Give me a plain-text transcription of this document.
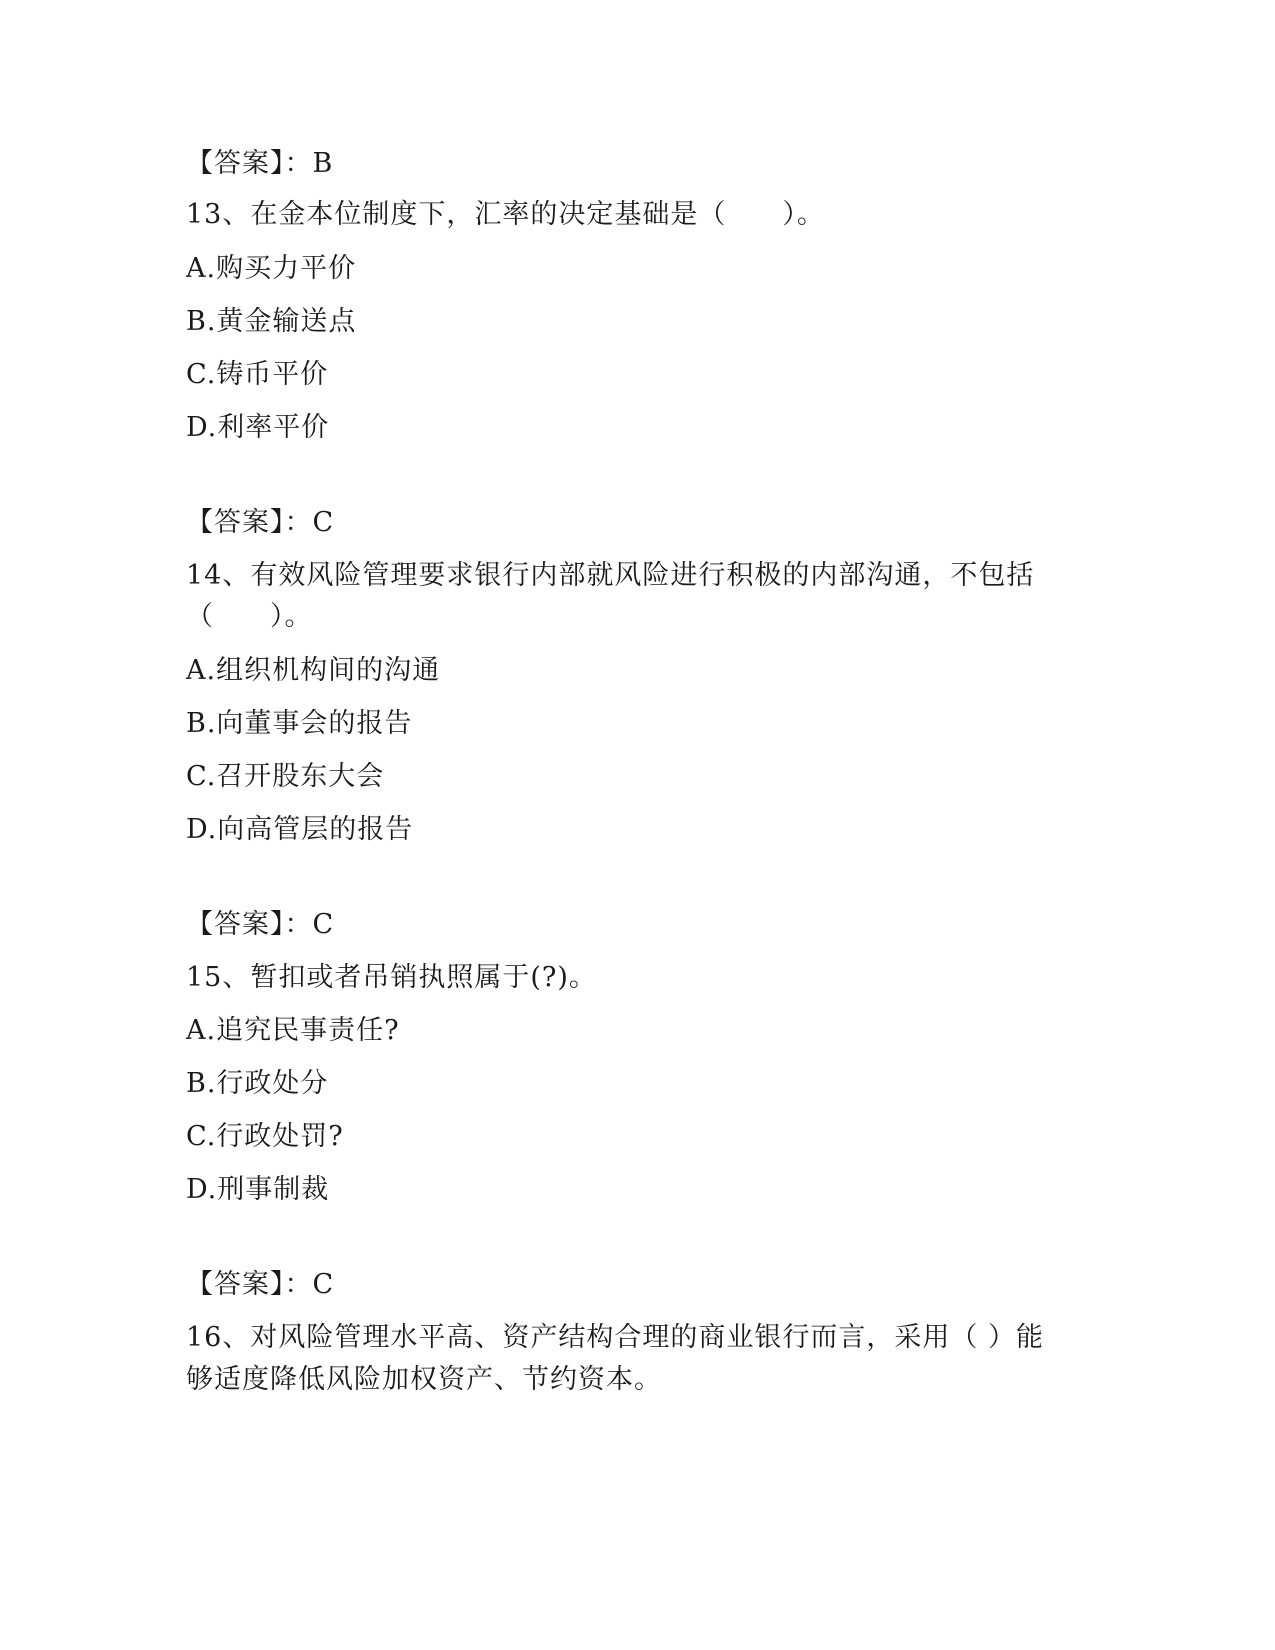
【答案】：B
13、在金本位制度下，汇率的决定基础是（　　）。
A.购买力平价
B.黄金输送点
C.铸币平价
D.利率平价
【答案】：C
14、有效风险管理要求银行内部就风险进行积极的内部沟通，不包括
（　　）。
A.组织机构间的沟通
B.向董事会的报告
C.召开股东大会
D.向高管层的报告
【答案】：C
15、暂扣或者吊销执照属于(?)。
A.追究民事责任?
B.行政处分
C.行政处罚?
D.刑事制裁
【答案】：C
16、对风险管理水平高、资产结构合理的商业银行而言，采用（ ）能
够适度降低风险加权资产、节约资本。
